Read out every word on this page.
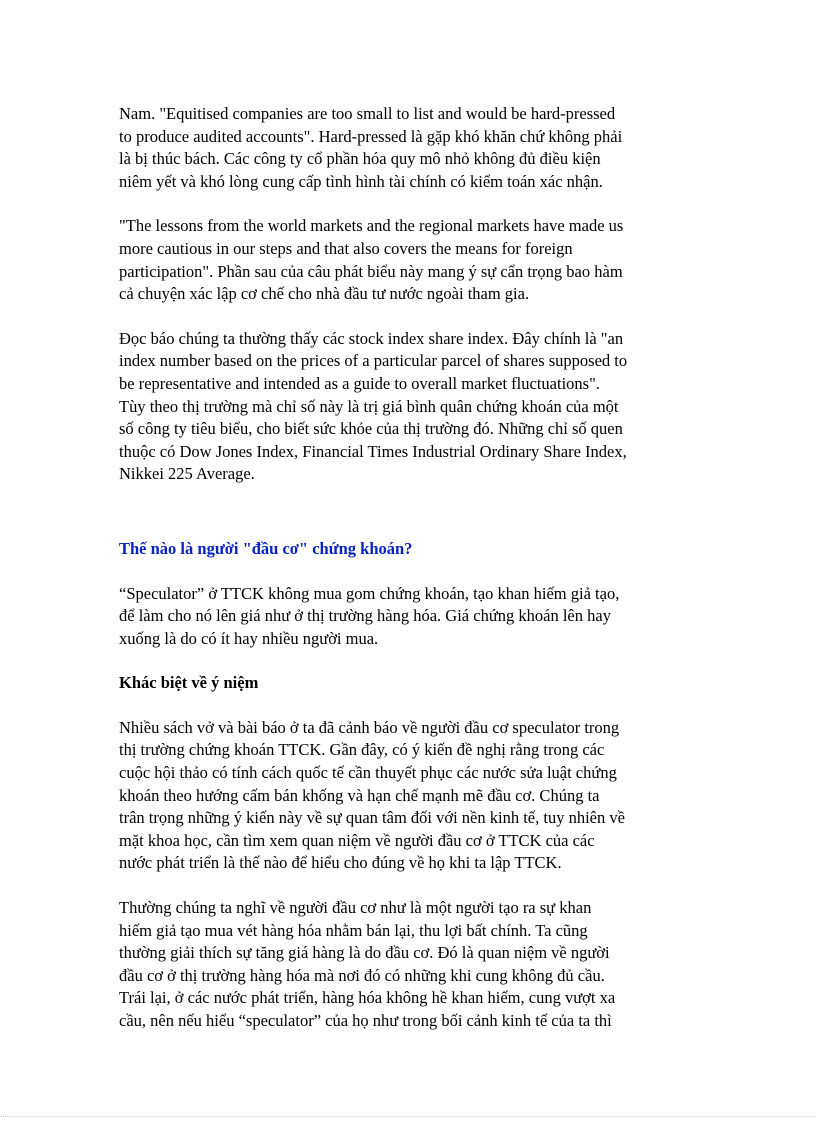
Nam. "Equitised companies are too small to list and would be hard-pressed
to produce audited accounts". Hard-pressed là gặp khó khăn chứ không phải
là bị thúc bách. Các công ty cổ phần hóa quy mô nhỏ không đủ điều kiện
niêm yết và khó lòng cung cấp tình hình tài chính có kiểm toán xác nhận.

"The lessons from the world markets and the regional markets have made us
more cautious in our steps and that also covers the means for foreign
participation". Phần sau của câu phát biểu này mang ý sự cẩn trọng bao hàm
cả chuyện xác lập cơ chế cho nhà đầu tư nước ngoài tham gia.

Đọc báo chúng ta thường thấy các stock index share index. Đây chính là "an
index number based on the prices of a particular parcel of shares supposed to
be representative and intended as a guide to overall market fluctuations".
Tùy theo thị trường mà chỉ số này là trị giá bình quân chứng khoán của một
số công ty tiêu biểu, cho biết sức khỏe của thị trường đó. Những chỉ số quen
thuộc có Dow Jones Index, Financial Times Industrial Ordinary Share Index,
Nikkei 225 Average.

Thế nào là người "đầu cơ" chứng khoán?

“Speculator” ở TTCK không mua gom chứng khoán, tạo khan hiếm giả tạo,
để làm cho nó lên giá như ở thị trường hàng hóa. Giá chứng khoán lên hay
xuống là do có ít hay nhiều người mua.

Khác biệt về ý niệm

Nhiều sách vở và bài báo ở ta đã cảnh báo về người đầu cơ speculator trong
thị trường chứng khoán TTCK. Gần đây, có ý kiến đề nghị rằng trong các
cuộc hội thảo có tính cách quốc tế cần thuyết phục các nước sửa luật chứng
khoán theo hướng cấm bán khống và hạn chế mạnh mẽ đầu cơ. Chúng ta
trân trọng những ý kiến này về sự quan tâm đối với nền kinh tế, tuy nhiên về
mặt khoa học, cần tìm xem quan niệm về người đầu cơ ở TTCK của các
nước phát triển là thế nào để hiểu cho đúng về họ khi ta lập TTCK.

Thường chúng ta nghĩ về người đầu cơ như là một người tạo ra sự khan
hiếm giả tạo mua vét hàng hóa nhằm bán lại, thu lợi bất chính. Ta cũng
thường giải thích sự tăng giá hàng là do đầu cơ. Đó là quan niệm về người
đầu cơ ở thị trường hàng hóa mà nơi đó có những khi cung không đủ cầu.
Trái lại, ở các nước phát triển, hàng hóa không hề khan hiếm, cung vượt xa
cầu, nên nếu hiểu “speculator” của họ như trong bối cảnh kinh tế của ta thì
